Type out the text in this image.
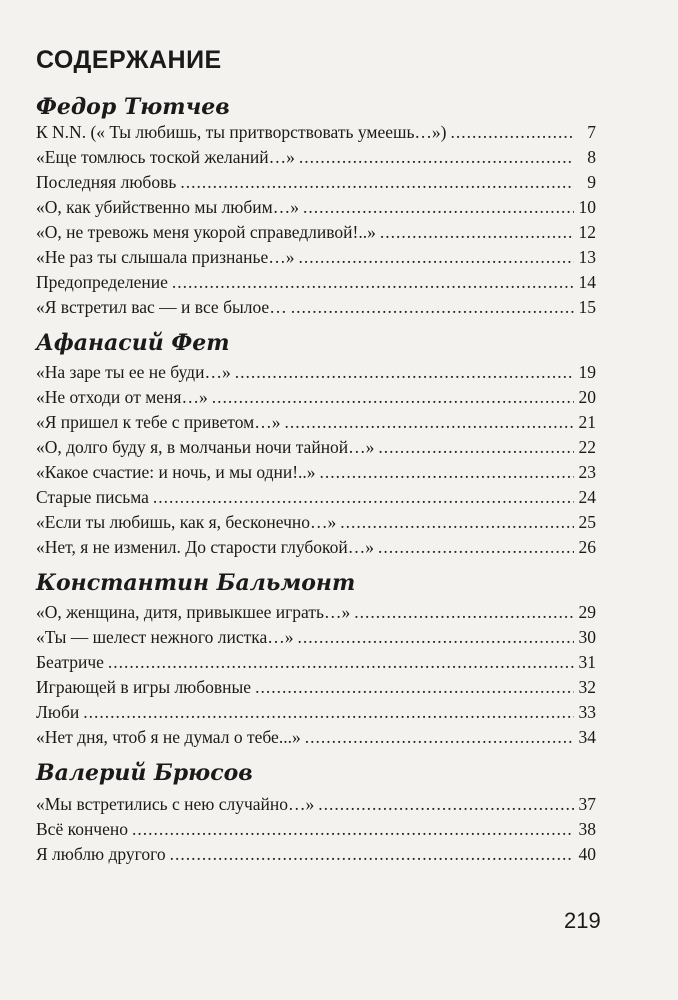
СОДЕРЖАНИЕ
Федор Тютчев
К N.N. (« Ты любишь, ты притворствовать умеешь…») .....	7
«Еще томлюсь тоской желаний…» .....	8
Последняя любовь .....	9
«О, как убийственно мы любим…» .....	10
«О, не тревожь меня укорой справедливой!..» .....	12
«Не раз ты слышала признанье…» .....	13
Предопределение .....	14
«Я встретил вас — и все былое… .....	15
Афанасий Фет
«На заре ты ее не буди…» .....	19
«Не отходи от меня…» .....	20
«Я пришел к тебе с приветом…» .....	21
«О, долго буду я, в молчаньи ночи тайной…» .....	22
«Какое счастие: и ночь, и мы одни!..» .....	23
Старые письма .....	24
«Если ты любишь, как я, бесконечно…» .....	25
«Нет, я не изменил. До старости глубокой…» .....	26
Константин Бальмонт
«О, женщина, дитя, привыкшее играть…» .....	29
«Ты — шелест нежного листка…» .....	30
Беатриче .....	31
Играющей в игры любовные .....	32
Люби .....	33
«Нет дня, чтоб я не думал о тебе...» .....	34
Валерий Брюсов
«Мы встретились с нею случайно…» .....	37
Всё кончено .....	38
Я люблю другого .....	40
219
